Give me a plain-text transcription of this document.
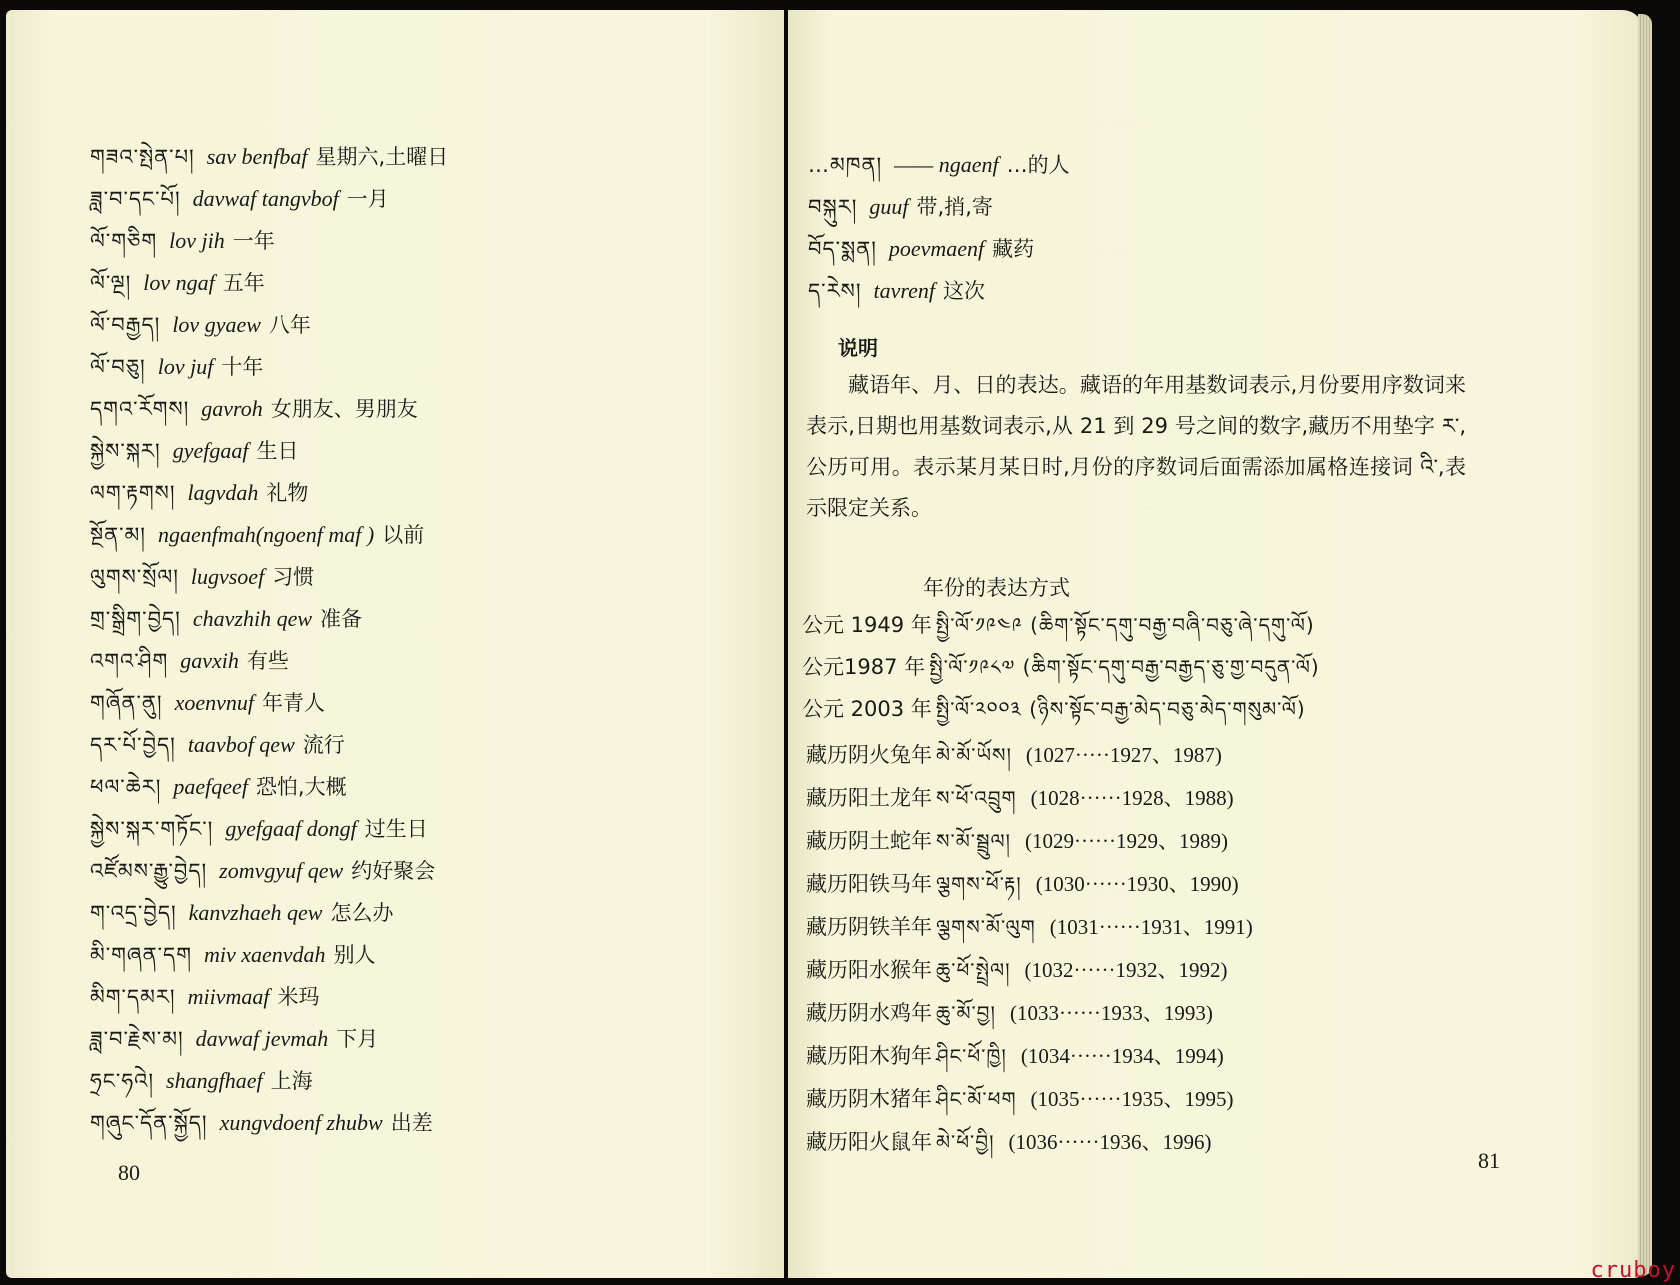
གཟའ་སྤེན་པ། sav benfbaf 星期六,土曜日
ཟླ་བ་དང་པོ། davwaf tangvbof 一月
ལོ་གཅིག lov jih 一年
ལོ་ལྔ། lov ngaf 五年
ལོ་བརྒྱད། lov gyaew 八年
ལོ་བཅུ། lov juf 十年
དགའ་རོགས། gavroh 女朋友、男朋友
སྐྱེས་སྐར། gyefgaaf 生日
ལག་རྟགས། lagvdah 礼物
སྔོན་མ། ngaenfmah(ngoenf maf ) 以前
ལུགས་སྲོལ། lugvsoef 习惯
གྲ་སྒྲིག་བྱེད། chavzhih qew 准备
འགའ་ཤིག gavxih 有些
གཞོན་ནུ། xoenvnuf 年青人
དར་པོ་བྱེད། taavbof qew 流行
ཕལ་ཆེར། paefqeef 恐怕,大概
སྐྱེས་སྐར་གཏོང་། gyefgaaf dongf 过生日
འཛོམས་རྒྱུ་བྱེད། zomvgyuf qew 约好聚会
ག་འདྲ་བྱེད། kanvzhaeh qew 怎么办
མི་གཞན་དག miv xaenvdah 别人
མིག་དམར། miivmaaf 米玛
ཟླ་བ་རྗེས་མ། davwaf jevmah 下月
ཧྲང་ཧའེ། shangfhaef 上海
གཞུང་དོན་སྐྱོད། xungvdoenf zhubw 出差
80
说明
藏语年、月、日的表达。藏语的年用基数词表示,月份要用序数词来表示,日期也用基数词表示,从 21 到 29 号之间的数字,藏历不用垫字 ར་,公历可用。表示某月某日时,月份的序数词后面需添加属格连接词 འི་,表示限定关系。
年份的表达方式
…མཁན། —— ngaenf …的人
བསྐུར། guuf 带,捎,寄
བོད་སྨན། poevmaenf 藏药
ད་རེས། tavrenf 这次
公元 1949 年 སྤྱི་ལོ་༡༩༤༩ (ཆིག་སྟོང་དགུ་བརྒྱ་བཞི་བཅུ་ཞེ་དགུ་ལོ)
公元1987 年 སྤྱི་ལོ་༡༩༨༧ (ཆིག་སྟོང་དགུ་བརྒྱ་བརྒྱད་ཅུ་གྱ་བདུན་ལོ)
公元 2003 年 སྤྱི་ལོ་༢༠༠༣ (ཉིས་སྟོང་བརྒྱ་མེད་བཅུ་མེད་གསུམ་ལོ)
藏历阴火兔年 མེ་མོ་ཡོས། (1027·····1927、1987)
藏历阳土龙年 ས་ཕོ་འབྲུག (1028······1928、1988)
藏历阴土蛇年 ས་མོ་སྦྲུལ། (1029······1929、1989)
藏历阳铁马年 ལྕགས་ཕོ་རྟ། (1030······1930、1990)
藏历阴铁羊年 ལྕགས་མོ་ལུག (1031······1931、1991)
藏历阳水猴年 ཆུ་ཕོ་སྤྲེལ། (1032······1932、1992)
藏历阴水鸡年 ཆུ་མོ་བྱ། (1033······1933、1993)
藏历阳木狗年 ཤིང་ཕོ་ཁྱི། (1034······1934、1994)
藏历阴木猪年 ཤིང་མོ་ཕག (1035······1935、1995)
藏历阳火鼠年 མེ་ཕོ་བྱི། (1036······1936、1996)
81
cruboy
